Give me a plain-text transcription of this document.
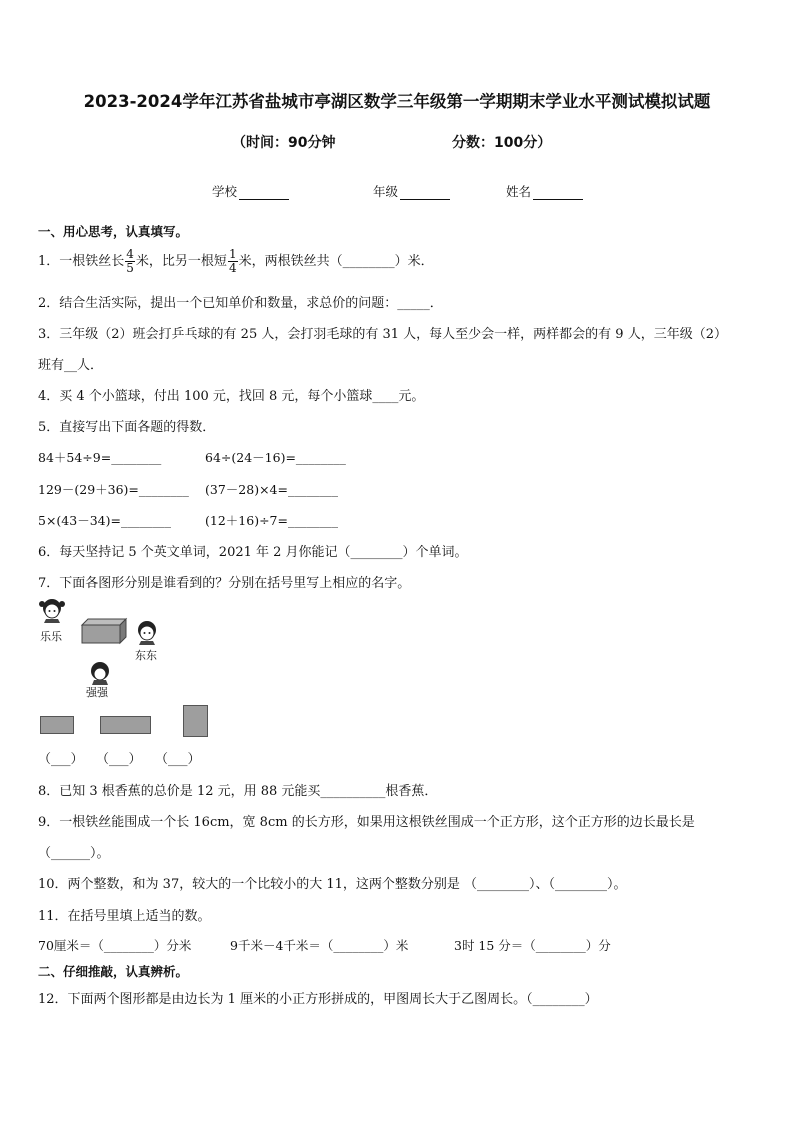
2023-2024学年江苏省盐城市亭湖区数学三年级第一学期期末学业水平测试模拟试题
（时间：90分钟	分数：100分）
学校	年级	姓名
一、用心思考，认真填写。
1．一根铁丝长 $\frac{4}{5}$ 米，比另一根短 $\frac{1}{4}$ 米，两根铁丝共（________）米．
2．结合生活实际，提出一个已知单价和数量，求总价的问题：_____．
3．三年级（2）班会打乒乓球的有 25 人，会打羽毛球的有 31 人，每人至少会一样，两样都会的有 9 人，三年级（2）
班有__人．
4．买 4 个小篮球，付出 100 元，找回 8 元，每个小篮球____元。
5．直接写出下面各题的得数．
84＋54÷9=________	64÷(24－16)=________
129－(29＋36)=________ (37－28)×4=________
5×(43－34)=________	(12＋16)÷7=________
6．每天坚持记 5 个英文单词，2021 年 2 月你能记（________）个单词。
7．下面各图形分别是谁看到的？分别在括号里写上相应的名字。
乐乐
东东
强强
（___） （___） （___）
8．已知 3 根香蕉的总价是 12 元，用 88 元能买__________根香蕉．
9．一根铁丝能围成一个长 16cm，宽 8cm 的长方形，如果用这根铁丝围成一个正方形，这个正方形的边长最长是
（______）。
10．两个整数，和为 37，较大的一个比较小的大 11，这两个整数分别是 （________）、（________）。
11．在括号里填上适当的数。
70厘米＝（________）分米	9千米－4千米＝（________）米	3时 15 分＝（________）分
二、仔细推敲，认真辨析。
12．下面两个图形都是由边长为 1 厘米的小正方形拼成的，甲图周长大于乙图周长。（________）
